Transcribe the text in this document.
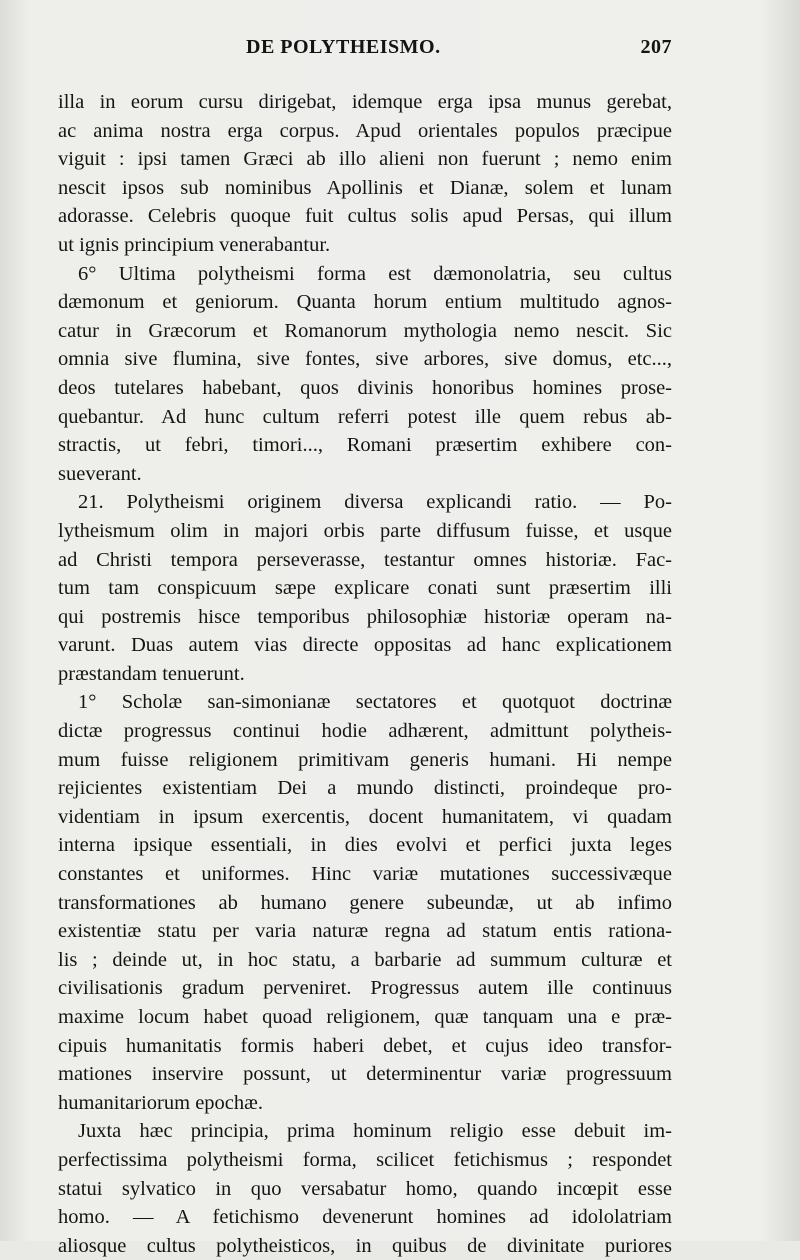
DE POLYTHEISMO.	207
illa in eorum cursu dirigebat, idemque erga ipsa munus gerebat,
ac anima nostra erga corpus. Apud orientales populos præcipue
viguit : ipsi tamen Græci ab illo alieni non fuerunt ; nemo enim
nescit ipsos sub nominibus Apollinis et Dianæ, solem et lunam
adorasse. Celebris quoque fuit cultus solis apud Persas, qui illum
ut ignis principium venerabantur.
6° Ultima polytheismi forma est dæmonolatria, seu cultus
dæmonum et geniorum. Quanta horum entium multitudo agnos-
catur in Græcorum et Romanorum mythologia nemo nescit. Sic
omnia sive flumina, sive fontes, sive arbores, sive domus, etc...,
deos tutelares habebant, quos divinis honoribus homines prose-
quebantur. Ad hunc cultum referri potest ille quem rebus ab-
stractis, ut febri, timori..., Romani præsertim exhibere con-
sueverant.
21. Polytheismi originem diversa explicandi ratio. — Po-
lytheismum olim in majori orbis parte diffusum fuisse, et usque
ad Christi tempora perseverasse, testantur omnes historiæ. Fac-
tum tam conspicuum sæpe explicare conati sunt præsertim illi
qui postremis hisce temporibus philosophiæ historiæ operam na-
varunt. Duas autem vias directe oppositas ad hanc explicationem
præstandam tenuerunt.
1° Scholæ san-simonianæ sectatores et quotquot doctrinæ
dictæ progressus continui hodie adhærent, admittunt polytheis-
mum fuisse religionem primitivam generis humani. Hi nempe
rejicientes existentiam Dei a mundo distincti, proindeque pro-
videntiam in ipsum exercentis, docent humanitatem, vi quadam
interna ipsique essentiali, in dies evolvi et perfici juxta leges
constantes et uniformes. Hinc variæ mutationes successivæque
transformationes ab humano genere subeundæ, ut ab infimo
existentiæ statu per varia naturæ regna ad statum entis rationa-
lis ; deinde ut, in hoc statu, a barbarie ad summum culturæ et
civilisationis gradum perveniret. Progressus autem ille continuus
maxime locum habet quoad religionem, quæ tanquam una e præ-
cipuis humanitatis formis haberi debet, et cujus ideo transfor-
mationes inservire possunt, ut determinentur variæ progressuum
humanitariorum epochæ.
Juxta hæc principia, prima hominum religio esse debuit im-
perfectissima polytheismi forma, scilicet fetichismus ; respondet
statui sylvatico in quo versabatur homo, quando incœpit esse
homo. — A fetichismo devenerunt homines ad idololatriam
aliosque cultus polytheisticos, in quibus de divinitate puriores
